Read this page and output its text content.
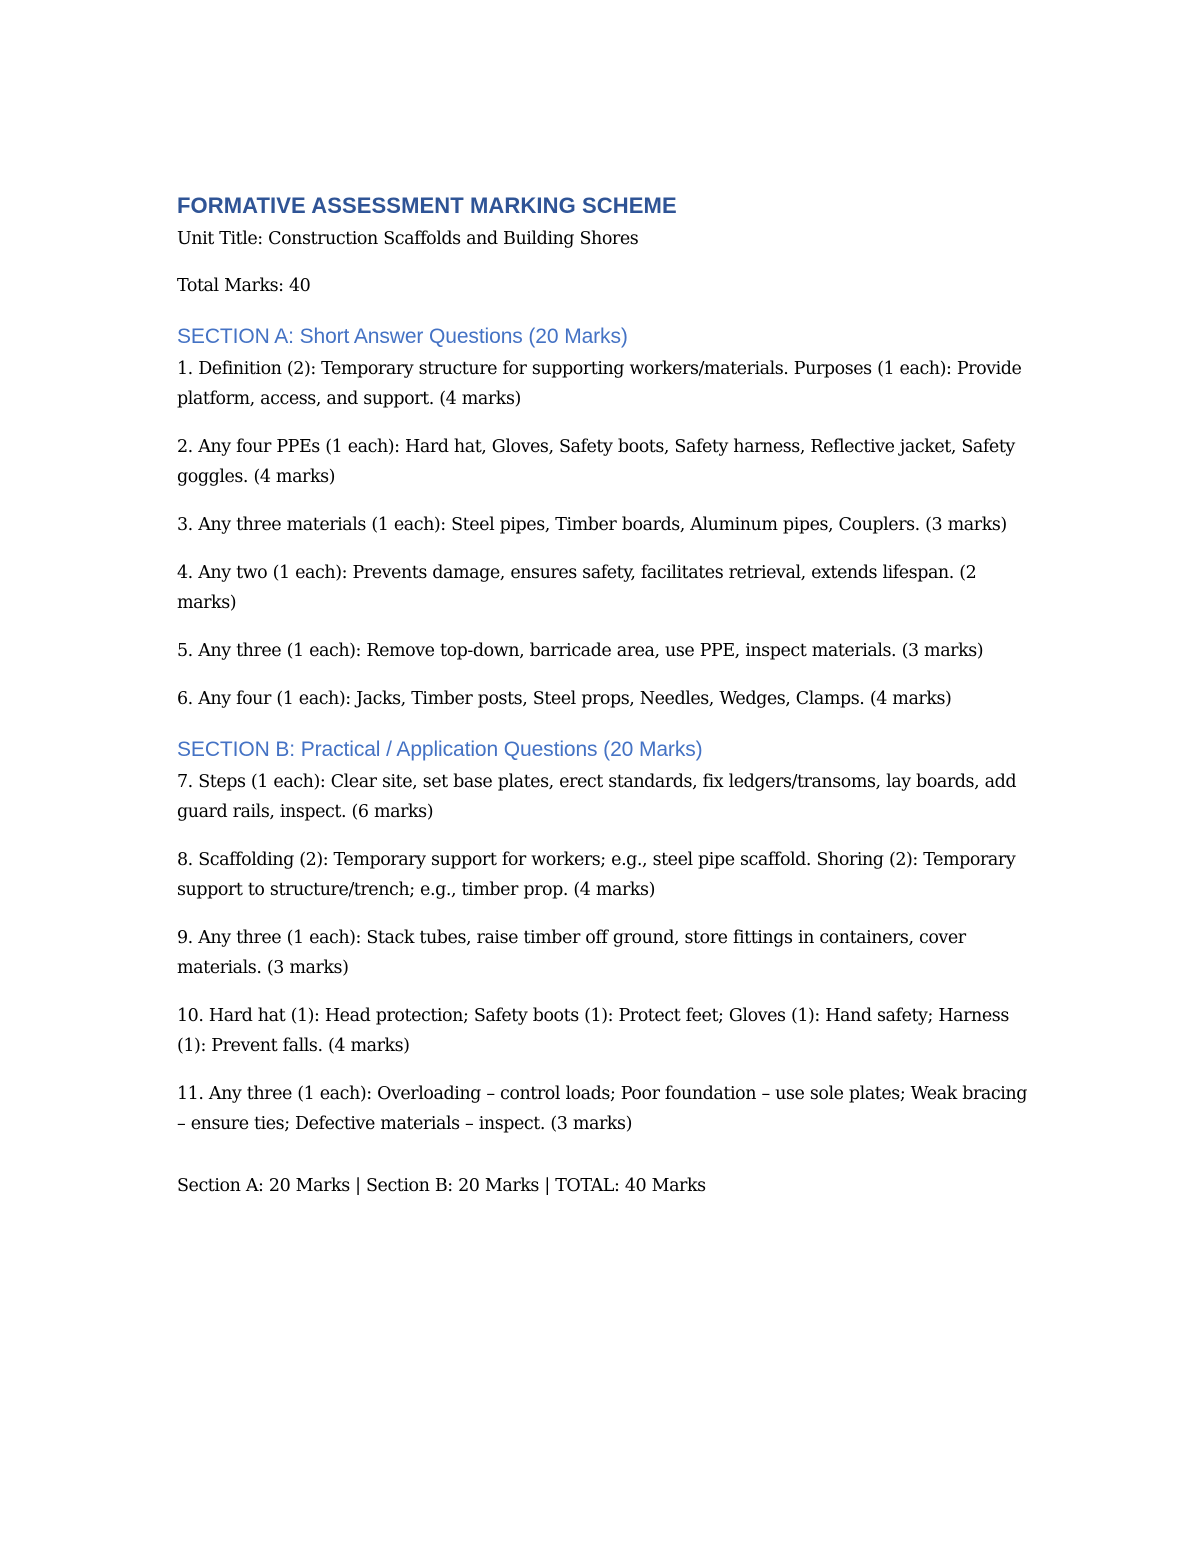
FORMATIVE ASSESSMENT MARKING SCHEME

Unit Title: Construction Scaffolds and Building Shores

Total Marks: 40

SECTION A: Short Answer Questions (20 Marks)

1. Definition (2): Temporary structure for supporting workers/materials. Purposes (1 each): Provide platform, access, and support. (4 marks)

2. Any four PPEs (1 each): Hard hat, Gloves, Safety boots, Safety harness, Reflective jacket, Safety goggles. (4 marks)

3. Any three materials (1 each): Steel pipes, Timber boards, Aluminum pipes, Couplers. (3 marks)

4. Any two (1 each): Prevents damage, ensures safety, facilitates retrieval, extends lifespan. (2 marks)

5. Any three (1 each): Remove top-down, barricade area, use PPE, inspect materials. (3 marks)

6. Any four (1 each): Jacks, Timber posts, Steel props, Needles, Wedges, Clamps. (4 marks)

SECTION B: Practical / Application Questions (20 Marks)

7. Steps (1 each): Clear site, set base plates, erect standards, fix ledgers/transoms, lay boards, add guard rails, inspect. (6 marks)

8. Scaffolding (2): Temporary support for workers; e.g., steel pipe scaffold. Shoring (2): Temporary support to structure/trench; e.g., timber prop. (4 marks)

9. Any three (1 each): Stack tubes, raise timber off ground, store fittings in containers, cover materials. (3 marks)

10. Hard hat (1): Head protection; Safety boots (1): Protect feet; Gloves (1): Hand safety; Harness (1): Prevent falls. (4 marks)

11. Any three (1 each): Overloading – control loads; Poor foundation – use sole plates; Weak bracing – ensure ties; Defective materials – inspect. (3 marks)

Section A: 20 Marks | Section B: 20 Marks | TOTAL: 40 Marks
